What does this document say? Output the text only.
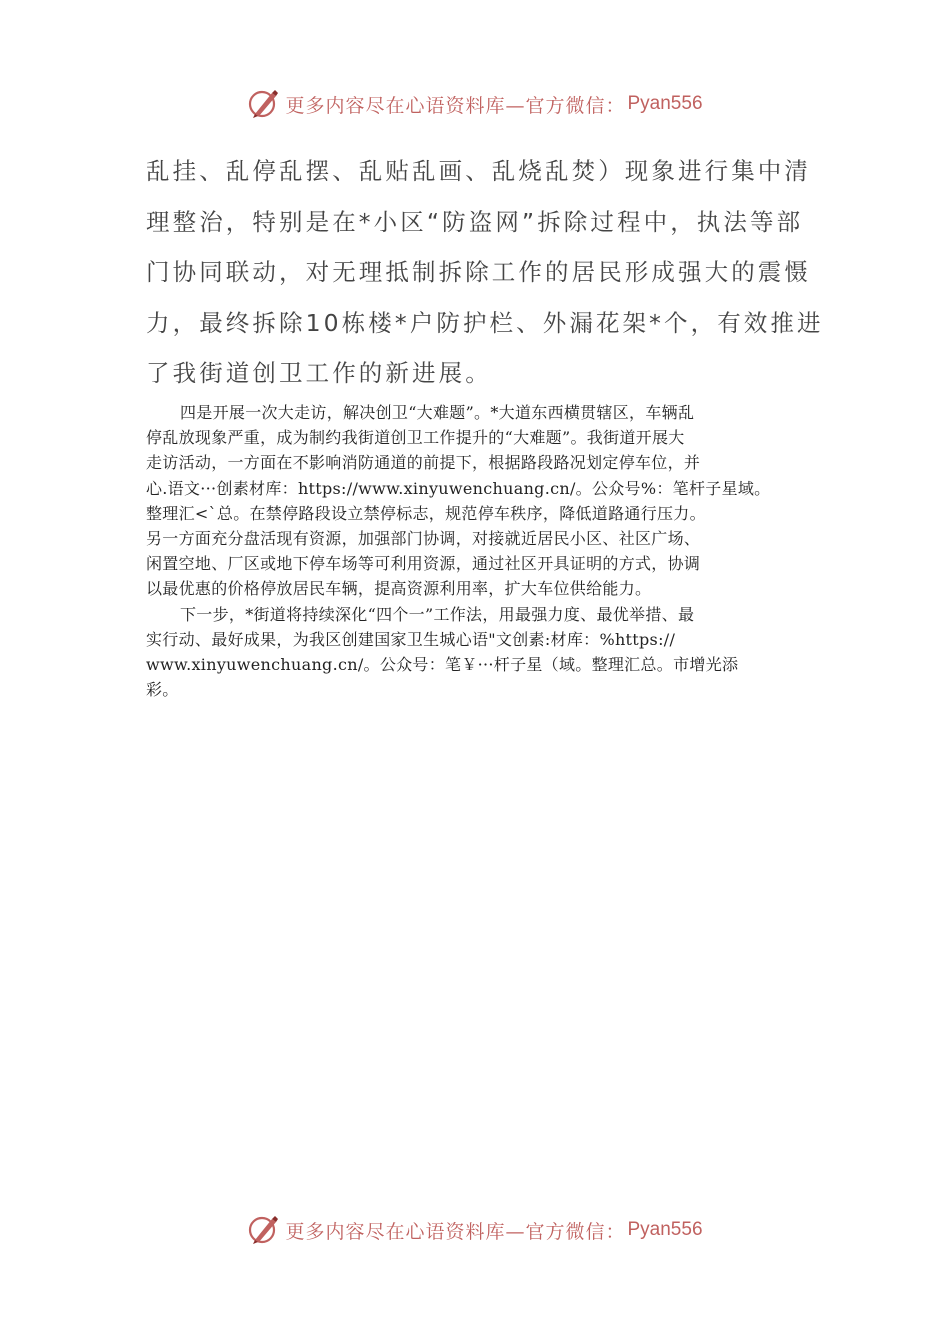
更多内容尽在心语资料库—官方微信： Pyan556
乱挂、乱停乱摆、乱贴乱画、乱烧乱焚）现象进行集中清
理整治，特别是在*小区“防盗网”拆除过程中，执法等部
门协同联动，对无理抵制拆除工作的居民形成强大的震慑
力，最终拆除10栋楼*户防护栏、外漏花架*个，有效推进
了我街道创卫工作的新进展。
四是开展一次大走访，解决创卫“大难题”。*大道东西横贯辖区，车辆乱
停乱放现象严重，成为制约我街道创卫工作提升的“大难题”。我街道开展大
走访活动，一方面在不影响消防通道的前提下，根据路段路况划定停车位，并
心.语文···创素材库：https://www.xinyuwenchuang.cn/。公众号%：笔杆子星域。
整理汇<`总。在禁停路段设立禁停标志，规范停车秩序，降低道路通行压力。
另一方面充分盘活现有资源，加强部门协调，对接就近居民小区、社区广场、
闲置空地、厂区或地下停车场等可利用资源，通过社区开具证明的方式，协调
以最优惠的价格停放居民车辆，提高资源利用率，扩大车位供给能力。
下一步，*街道将持续深化“四个一”工作法，用最强力度、最优举措、最
实行动、最好成果，为我区创建国家卫生城心语"文创素:材库：%https://
www.xinyuwenchuang.cn/。公众号：笔￥···杆子星（域。整理汇总。市增光添
彩。
更多内容尽在心语资料库—官方微信： Pyan556
